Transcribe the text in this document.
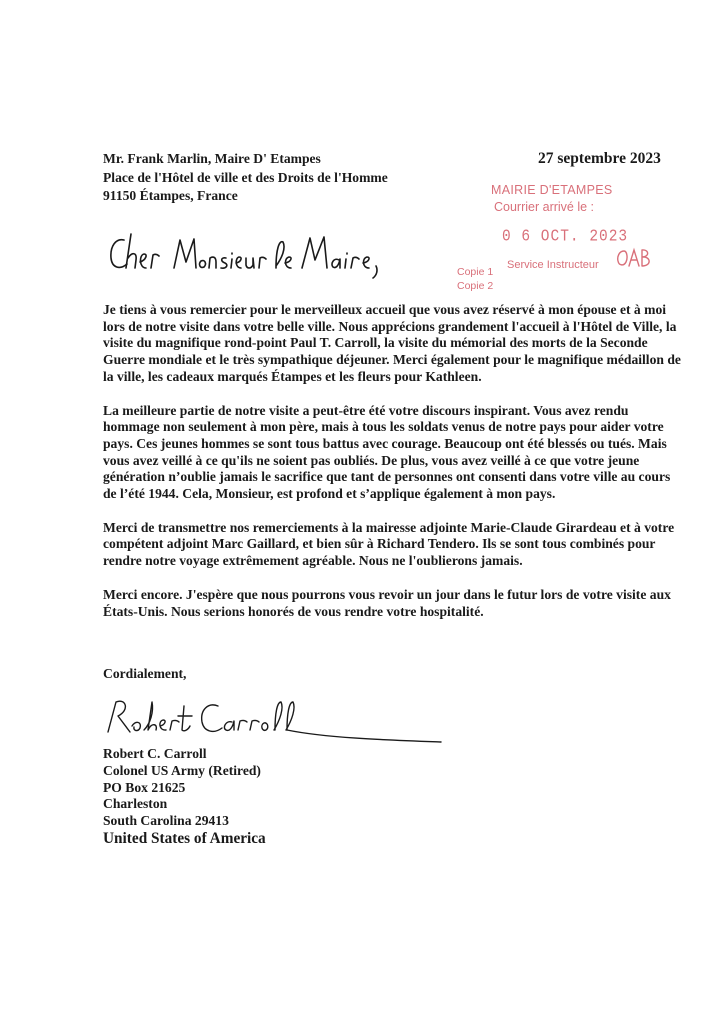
Mr. Frank Marlin, Maire D' Etampes
Place de l'Hôtel de ville et des Droits de l'Homme
91150 Étampes, France
27 septembre 2023
MAIRIE D'ETAMPES
Courrier arrivé le :
0 6 OCT. 2023
Service Instructeur
Copie 1
Copie 2

Je tiens à vous remercier pour le merveilleux accueil que vous avez réservé à mon épouse et à moi lors de notre visite dans votre belle ville. Nous apprécions grandement l'accueil à l'Hôtel de Ville, la visite du magnifique rond-point Paul T. Carroll, la visite du mémorial des morts de la Seconde Guerre mondiale et le très sympathique déjeuner. Merci également pour le magnifique médaillon de la ville, les cadeaux marqués Étampes et les fleurs pour Kathleen.

La meilleure partie de notre visite a peut-être été votre discours inspirant. Vous avez rendu hommage non seulement à mon père, mais à tous les soldats venus de notre pays pour aider votre pays. Ces jeunes hommes se sont tous battus avec courage. Beaucoup ont été blessés ou tués. Mais vous avez veillé à ce qu'ils ne soient pas oubliés. De plus, vous avez veillé à ce que votre jeune génération n’oublie jamais le sacrifice que tant de personnes ont consenti dans votre ville au cours de l’été 1944. Cela, Monsieur, est profond et s’applique également à mon pays.

Merci de transmettre nos remerciements à la mairesse adjointe Marie-Claude Girardeau et à votre compétent adjoint Marc Gaillard, et bien sûr à Richard Tendero. Ils se sont tous combinés pour rendre notre voyage extrêmement agréable. Nous ne l'oublierons jamais.

Merci encore. J'espère que nous pourrons vous revoir un jour dans le futur lors de votre visite aux États-Unis. Nous serions honorés de vous rendre votre hospitalité.

Cordialement,
Robert C. Carroll
Colonel US Army (Retired)
PO Box 21625
Charleston
South Carolina 29413
United States of America
